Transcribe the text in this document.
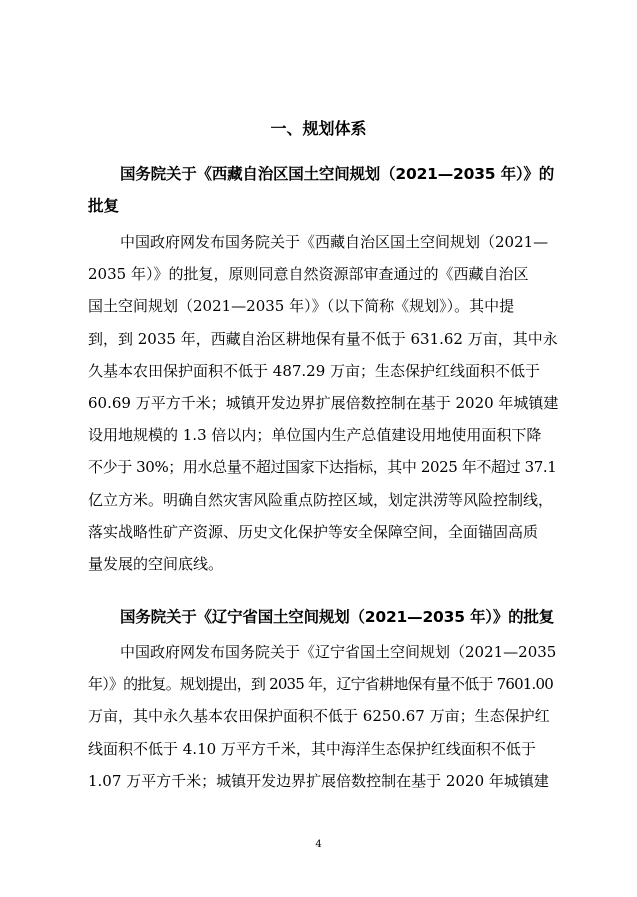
一、规划体系
国务院关于《西藏自治区国土空间规划（2021—2035 年）》的
批复
中国政府网发布国务院关于《西藏自治区国土空间规划（2021—
2035 年）》的批复，原则同意自然资源部审查通过的《西藏自治区
国土空间规划（2021—2035 年）》（以下简称《规划》）。其中提
到，到 2035 年，西藏自治区耕地保有量不低于 631.62 万亩，其中永
久基本农田保护面积不低于 487.29 万亩；生态保护红线面积不低于
60.69 万平方千米；城镇开发边界扩展倍数控制在基于 2020 年城镇建
设用地规模的 1.3 倍以内；单位国内生产总值建设用地使用面积下降
不少于 30%；用水总量不超过国家下达指标，其中 2025 年不超过 37.1
亿立方米。明确自然灾害风险重点防控区域，划定洪涝等风险控制线，
落实战略性矿产资源、历史文化保护等安全保障空间，全面锚固高质
量发展的空间底线。
国务院关于《辽宁省国土空间规划（2021—2035 年）》的批复
中国政府网发布国务院关于《辽宁省国土空间规划（2021—2035
年）》的批复。规划提出，到 2035 年，辽宁省耕地保有量不低于 7601.00
万亩，其中永久基本农田保护面积不低于 6250.67 万亩；生态保护红
线面积不低于 4.10 万平方千米，其中海洋生态保护红线面积不低于
1.07 万平方千米；城镇开发边界扩展倍数控制在基于 2020 年城镇建
4
